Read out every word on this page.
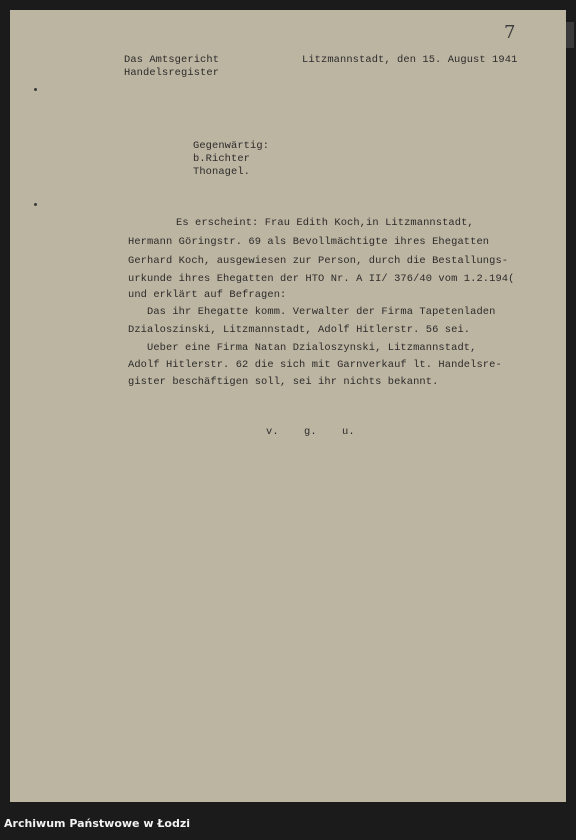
7
Das Amtsgericht
Handelsregister
Litzmannstadt, den 15. August 1941
Gegenwärtig:
b.Richter
Thonagel.
Es erscheint: Frau Edith Koch,in Litzmannstadt,
Hermann Göringstr. 69 als Bevollmächtigte ihres Ehegatten
Gerhard Koch, ausgewiesen zur Person, durch die Bestallungs-
urkunde ihres Ehegatten der HTO Nr. A II/ 376/40 vom 1.2.194(
und erklärt auf Befragen:
Das ihr Ehegatte komm. Verwalter der Firma Tapetenladen
Dzialoszinski, Litzmannstadt, Adolf Hitlerstr. 56 sei.
Ueber eine Firma Natan Dzialoszynski, Litzmannstadt,
Adolf Hitlerstr. 62 die sich mit Garnverkauf lt. Handelsre-
gister beschäftigen soll, sei ihr nichts bekannt.
v.    g.    u.
Archiwum Państwowe w Łodzi
